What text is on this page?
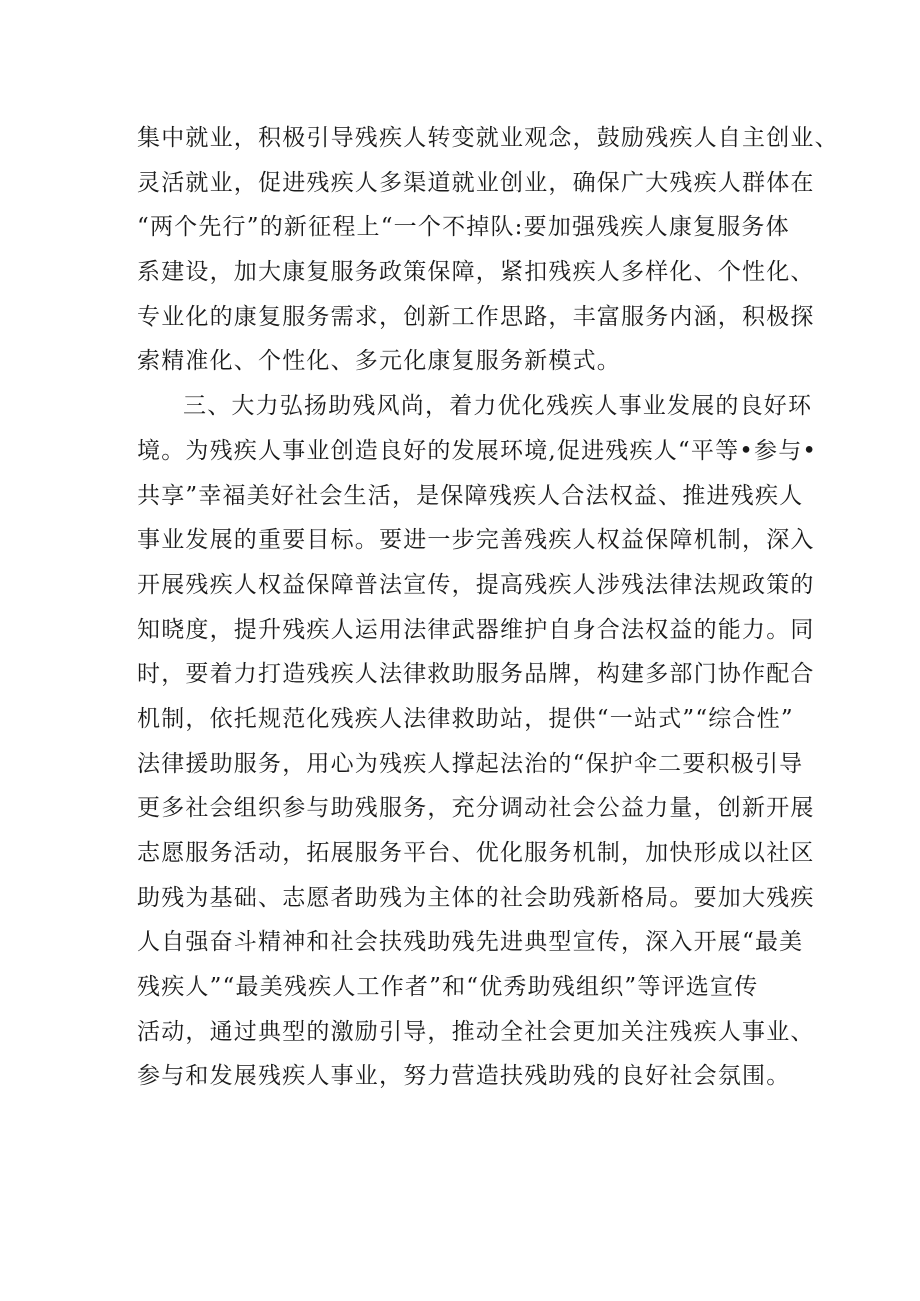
集中就业，积极引导残疾人转变就业观念，鼓励残疾人自主创业、
灵活就业，促进残疾人多渠道就业创业，确保广大残疾人群体在
“两个先行”的新征程上“一个不掉队:要加强残疾人康复服务体
系建设，加大康复服务政策保障，紧扣残疾人多样化、个性化、
专业化的康复服务需求，创新工作思路，丰富服务内涵，积极探
索精准化、个性化、多元化康复服务新模式。
三、大力弘扬助残风尚，着力优化残疾人事业发展的良好环
境。为残疾人事业创造良好的发展环境,促进残疾人“平等•参与•
共享”幸福美好社会生活，是保障残疾人合法权益、推进残疾人
事业发展的重要目标。要进一步完善残疾人权益保障机制，深入
开展残疾人权益保障普法宣传，提高残疾人涉残法律法规政策的
知晓度，提升残疾人运用法律武器维护自身合法权益的能力。同
时，要着力打造残疾人法律救助服务品牌，构建多部门协作配合
机制，依托规范化残疾人法律救助站，提供“一站式”“综合性”
法律援助服务，用心为残疾人撑起法治的“保护伞二要积极引导
更多社会组织参与助残服务，充分调动社会公益力量，创新开展
志愿服务活动，拓展服务平台、优化服务机制，加快形成以社区
助残为基础、志愿者助残为主体的社会助残新格局。要加大残疾
人自强奋斗精神和社会扶残助残先进典型宣传，深入开展“最美
残疾人”“最美残疾人工作者”和“优秀助残组织”等评选宣传
活动，通过典型的激励引导，推动全社会更加关注残疾人事业、
参与和发展残疾人事业，努力营造扶残助残的良好社会氛围。
